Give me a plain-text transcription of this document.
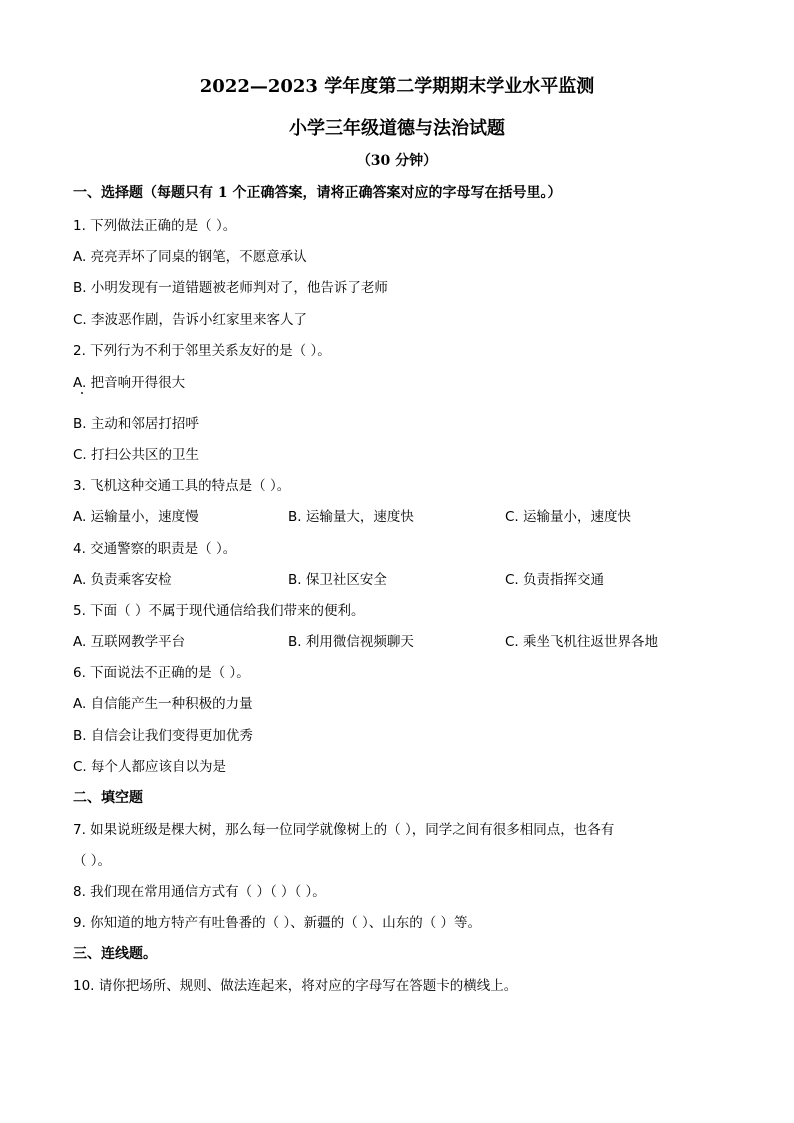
2022—2023 学年度第二学期期末学业水平监测
小学三年级道德与法治试题
（30 分钟）
一、选择题（每题只有 1 个正确答案，请将正确答案对应的字母写在括号里。）
1. 下列做法正确的是（ ）。
A. 亮亮弄坏了同桌的钢笔，不愿意承认
B. 小明发现有一道错题被老师判对了，他告诉了老师
C. 李波恶作剧，告诉小红家里来客人了
2. 下列行为不利于邻里关系友好的是（ ）。
A. 把音响开得很大
B. 主动和邻居打招呼
C. 打扫公共区的卫生
3. 飞机这种交通工具的特点是（ ）。
A. 运输量小，速度慢	B. 运输量大，速度快	C. 运输量小，速度快
4. 交通警察的职责是（ ）。
A. 负责乘客安检	B. 保卫社区安全	C. 负责指挥交通
5. 下面（ ）不属于现代通信给我们带来的便利。
A. 互联网教学平台	B. 利用微信视频聊天	C. 乘坐飞机往返世界各地
6. 下面说法不正确的是（ ）。
A. 自信能产生一种积极的力量
B. 自信会让我们变得更加优秀
C. 每个人都应该自以为是
二、填空题
7. 如果说班级是棵大树，那么每一位同学就像树上的（ ），同学之间有很多相同点，也各有
（ ）。
8. 我们现在常用通信方式有（ ）（ ）（ ）。
9. 你知道的地方特产有吐鲁番的（ ）、新疆的（ ）、山东的（ ）等。
三、连线题。
10. 请你把场所、规则、做法连起来，将对应的字母写在答题卡的横线上。
